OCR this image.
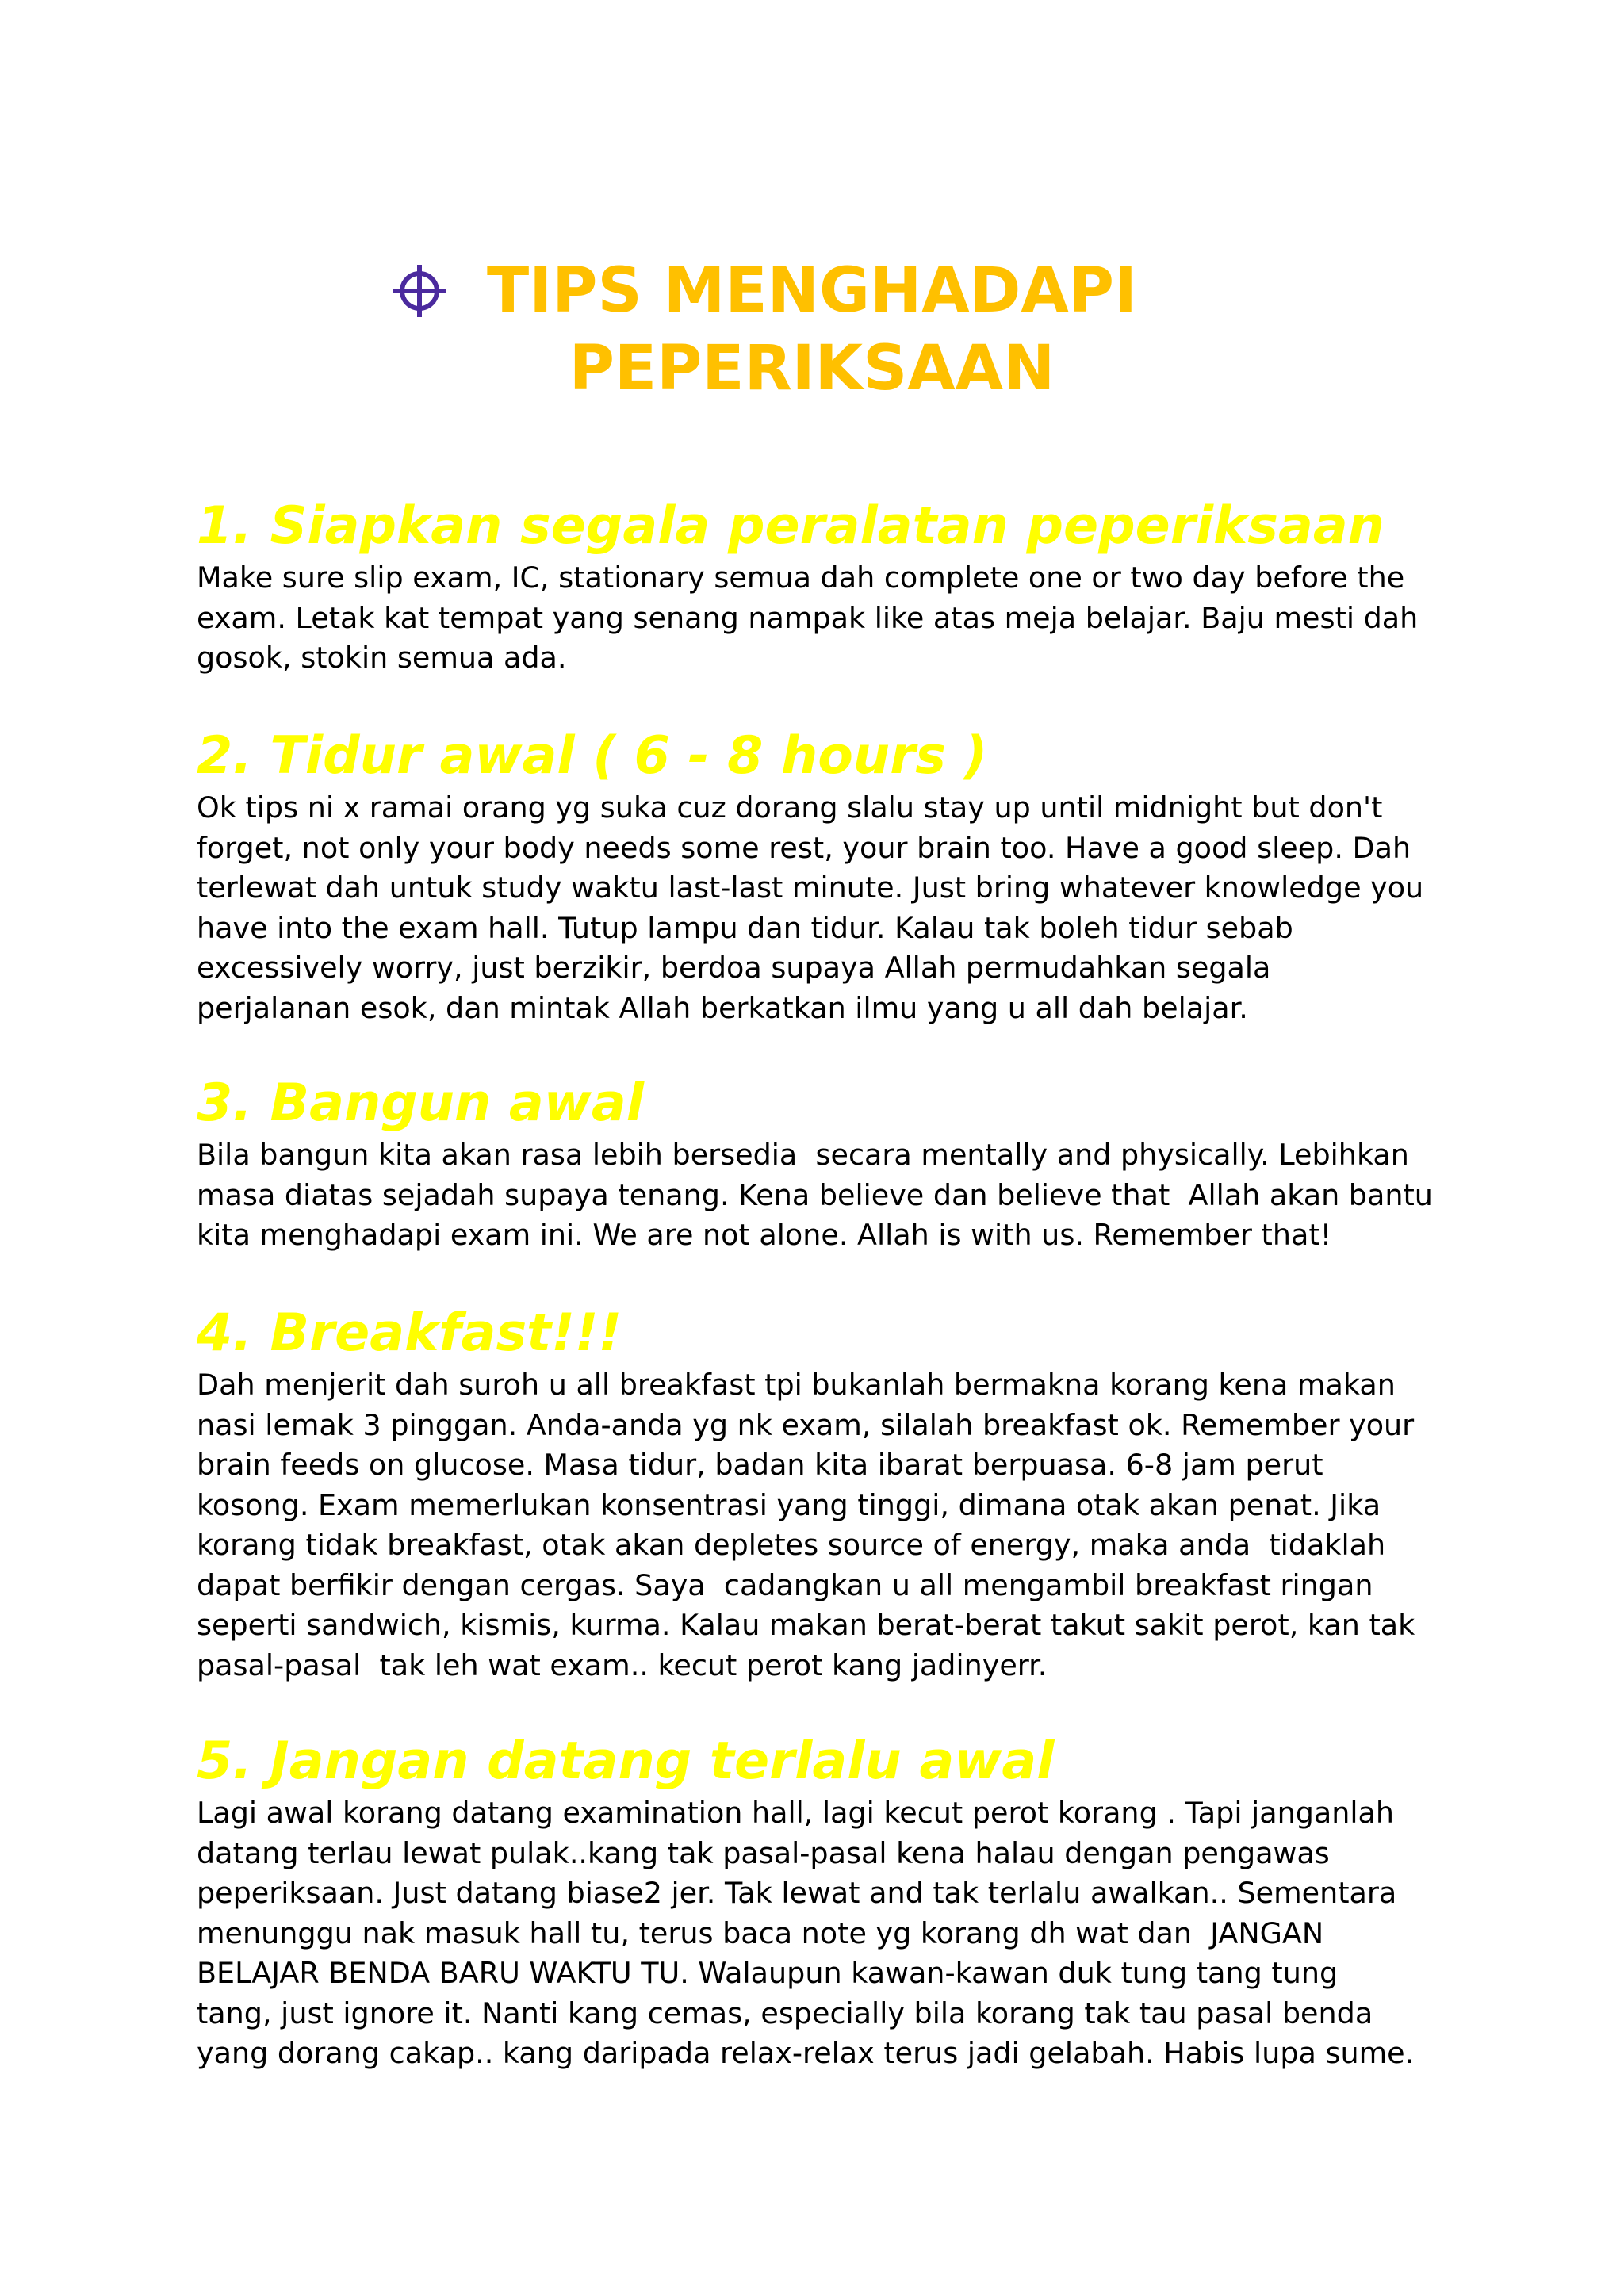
TIPS MENGHADAPI
PEPERIKSAAN
1. Siapkan segala peralatan peperiksaan

Make sure slip exam, IC, stationary semua dah complete one or two day before the
exam. Letak kat tempat yang senang nampak like atas meja belajar. Baju mesti dah
gosok, stokin semua ada.

2. Tidur awal ( 6 - 8 hours )

Ok tips ni x ramai orang yg suka cuz dorang slalu stay up until midnight but don't
forget, not only your body needs some rest, your brain too. Have a good sleep. Dah
terlewat dah untuk study waktu last-last minute. Just bring whatever knowledge you
have into the exam hall. Tutup lampu dan tidur. Kalau tak boleh tidur sebab
excessively worry, just berzikir, berdoa supaya Allah permudahkan segala
perjalanan esok, dan mintak Allah berkatkan ilmu yang u all dah belajar.

3. Bangun awal

Bila bangun kita akan rasa lebih bersedia  secara mentally and physically. Lebihkan
masa diatas sejadah supaya tenang. Kena believe dan believe that  Allah akan bantu
kita menghadapi exam ini. We are not alone. Allah is with us. Remember that!

4. Breakfast!!!

Dah menjerit dah suroh u all breakfast tpi bukanlah bermakna korang kena makan
nasi lemak 3 pinggan. Anda-anda yg nk exam, silalah breakfast ok. Remember your
brain feeds on glucose. Masa tidur, badan kita ibarat berpuasa. 6-8 jam perut
kosong. Exam memerlukan konsentrasi yang tinggi, dimana otak akan penat. Jika
korang tidak breakfast, otak akan depletes source of energy, maka anda  tidaklah
dapat berfikir dengan cergas. Saya  cadangkan u all mengambil breakfast ringan
seperti sandwich, kismis, kurma. Kalau makan berat-berat takut sakit perot, kan tak
pasal-pasal  tak leh wat exam.. kecut perot kang jadinyerr.

5. Jangan datang terlalu awal

Lagi awal korang datang examination hall, lagi kecut perot korang . Tapi janganlah
datang terlau lewat pulak..kang tak pasal-pasal kena halau dengan pengawas
peperiksaan. Just datang biase2 jer. Tak lewat and tak terlalu awalkan.. Sementara
menunggu nak masuk hall tu, terus baca note yg korang dh wat dan  JANGAN
BELAJAR BENDA BARU WAKTU TU. Walaupun kawan-kawan duk tung tang tung
tang, just ignore it. Nanti kang cemas, especially bila korang tak tau pasal benda
yang dorang cakap.. kang daripada relax-relax terus jadi gelabah. Habis lupa sume.
